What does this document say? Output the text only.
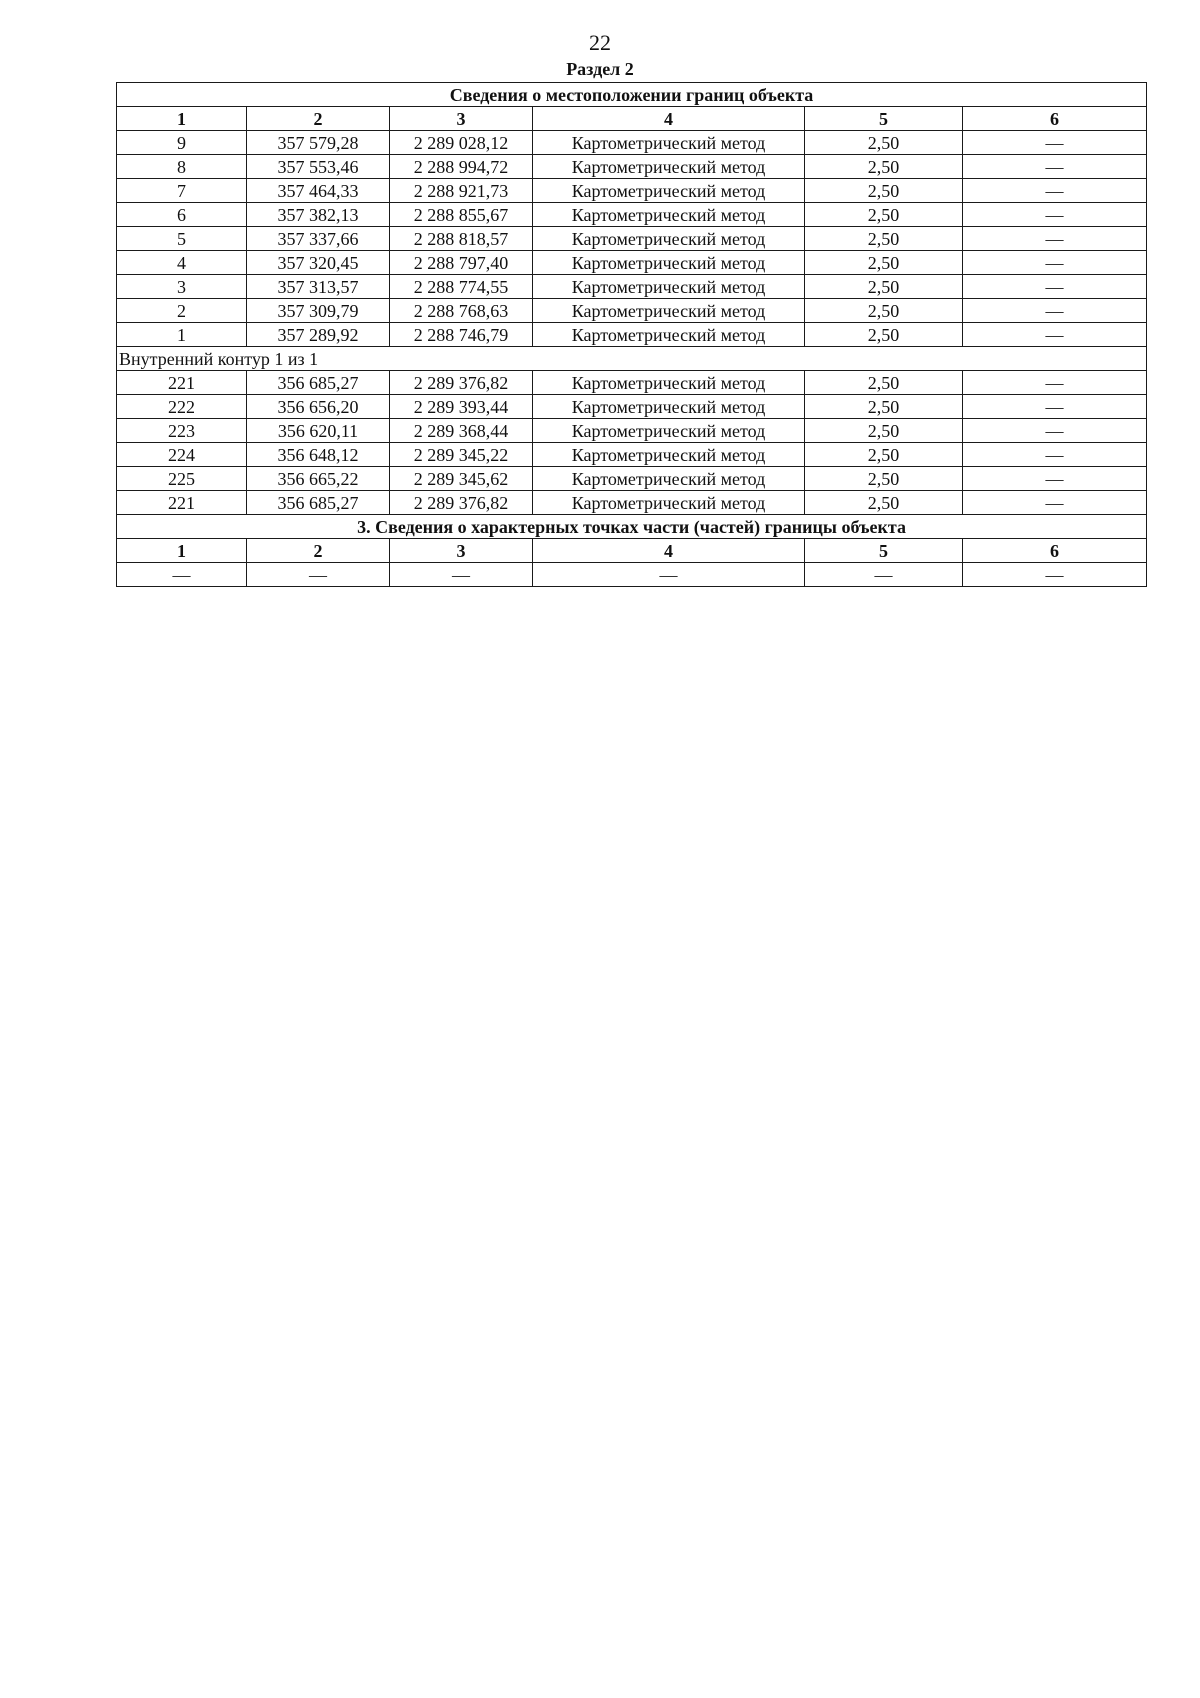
22
Раздел 2
Сведения о местоположении границ объекта					
1	2	3	4	5	6
9	357 579,28	2 289 028,12	Картометрический метод	2,50	—
8	357 553,46	2 288 994,72	Картометрический метод	2,50	—
7	357 464,33	2 288 921,73	Картометрический метод	2,50	—
6	357 382,13	2 288 855,67	Картометрический метод	2,50	—
5	357 337,66	2 288 818,57	Картометрический метод	2,50	—
4	357 320,45	2 288 797,40	Картометрический метод	2,50	—
3	357 313,57	2 288 774,55	Картометрический метод	2,50	—
2	357 309,79	2 288 768,63	Картометрический метод	2,50	—
1	357 289,92	2 288 746,79	Картометрический метод	2,50	—
Внутренний контур 1 из 1					
221	356 685,27	2 289 376,82	Картометрический метод	2,50	—
222	356 656,20	2 289 393,44	Картометрический метод	2,50	—
223	356 620,11	2 289 368,44	Картометрический метод	2,50	—
224	356 648,12	2 289 345,22	Картометрический метод	2,50	—
225	356 665,22	2 289 345,62	Картометрический метод	2,50	—
221	356 685,27	2 289 376,82	Картометрический метод	2,50	—
3. Сведения о характерных точках части (частей) границы объекта					
1	2	3	4	5	6
—	—	—	—	—	—
